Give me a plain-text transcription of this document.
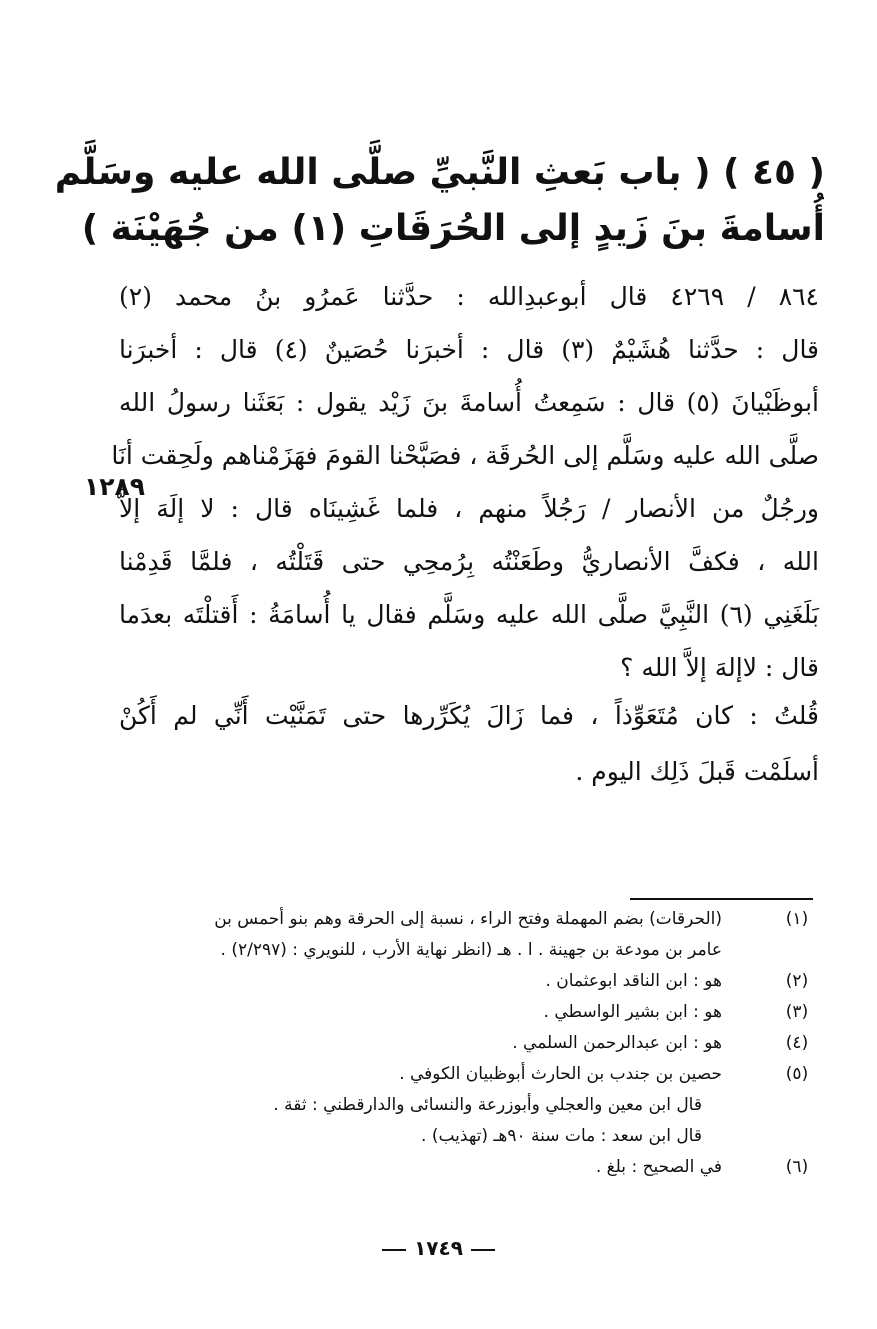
( ٤٥ ) ( باب بَعثِ النَّبيِّ صلَّى الله عليه وسَلَّم
أُسامةَ بنَ زَيدٍ إلى الحُرَقَاتِ (١) من جُهَيْنَة )
٨٦٤ / ٤٢٦٩ قال أبوعبدِالله : حدَّثنا عَمرُو بنُ محمد (٢)
قال : حدَّثنا هُشَيْمٌ (٣) قال : أخبرَنا حُصَينٌ (٤) قال : أخبرَنا
أبوظَبْيانَ (٥) قال : سَمِعتُ أُسامةَ بنَ زَيْد يقول : بَعَثَنا رسولُ الله
صلَّى الله عليه وسَلَّم إلى الحُرقَة ، فصَبَّحْنا القومَ فهَزَمْناهم ولَحِقت أنَا
ورجُلٌ من الأنصار / رَجُلاً منهم ، فلما غَشِينَاه قال : لا إلَهَ إلاَّ
الله ، فكفَّ الأنصاريُّ وطَعَنْتُه بِرُمحِي حتى قَتَلْتُه ، فلمَّا قَدِمْنا
بَلَغَنِي (٦) النَّبِيَّ صلَّى الله عليه وسَلَّم فقال يا أُسامَةُ : أَقتلْتَه بعدَما
قال : لاإلهَ إلاَّ الله ؟
١٢٨٩
قُلتُ : كان مُتَعَوِّذاً ، فما زَالَ يُكَرِّرها حتى تَمَنَّيْت أَنِّي لم أَكُنْ
أسلَمْت قَبلَ ذَلِك اليوم .
(١)
(الحرقات) بضم المهملة وفتح الراء ، نسبة إلى الحرقة وهم بنو أحمس بن
عامر بن مودعة بن جهينة . ا . هـ (انظر نهاية الأرب ، للنويري : (٢/٢٩٧) .
(٢)
هو : ابن الناقد ابوعثمان .
(٣)
هو : ابن بشير الواسطي .
(٤)
هو : ابن عبدالرحمن السلمي .
(٥)
حصين بن جندب بن الحارث أبوظبيان الكوفي .
قال ابن معين والعجلي وأبوزرعة والنسائى والدارقطني : ثقة .
قال ابن سعد : مات سنة ٩٠هـ (تهذيب) .
(٦)
في الصحيح : بلغ .
١٧٤٩
